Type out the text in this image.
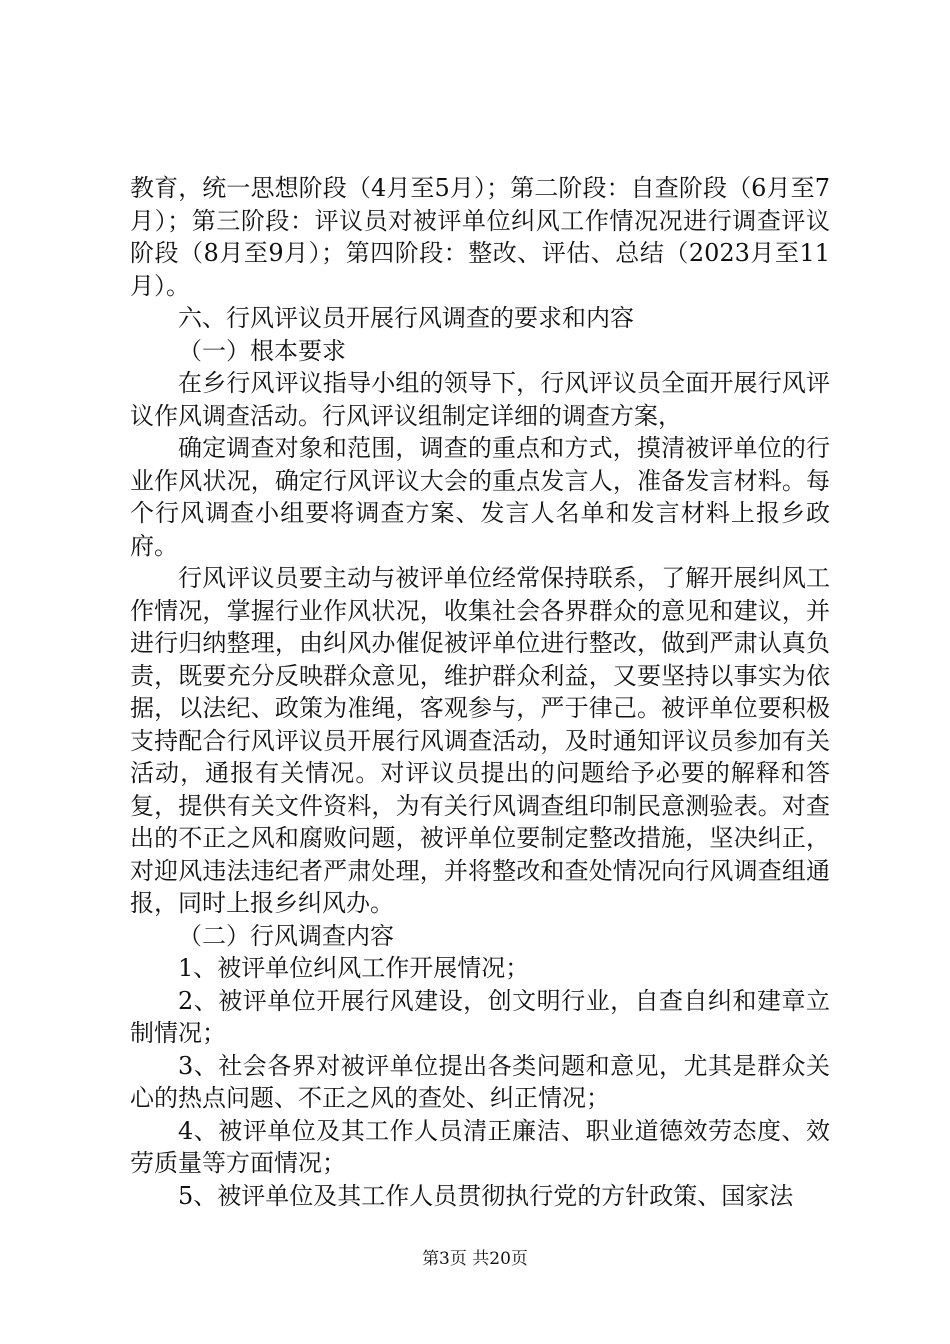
教育，统一思想阶段（4月至5月）；第二阶段：自查阶段（6月至7月）；第三阶段：评议员对被评单位纠风工作情况况进行调查评议阶段（8月至9月）；第四阶段：整改、评估、总结（2023月至11月）。

六、行风评议员开展行风调查的要求和内容

（一）根本要求

在乡行风评议指导小组的领导下，行风评议员全面开展行风评议作风调查活动。行风评议组制定详细的调查方案，

确定调查对象和范围，调查的重点和方式，摸清被评单位的行业作风状况，确定行风评议大会的重点发言人，准备发言材料。每个行风调查小组要将调查方案、发言人名单和发言材料上报乡政府。

行风评议员要主动与被评单位经常保持联系，了解开展纠风工作情况，掌握行业作风状况，收集社会各界群众的意见和建议，并进行归纳整理，由纠风办催促被评单位进行整改，做到严肃认真负责，既要充分反映群众意见，维护群众利益，又要坚持以事实为依据，以法纪、政策为准绳，客观参与，严于律己。被评单位要积极支持配合行风评议员开展行风调查活动，及时通知评议员参加有关活动，通报有关情况。对评议员提出的问题给予必要的解释和答复，提供有关文件资料，为有关行风调查组印制民意测验表。对查出的不正之风和腐败问题，被评单位要制定整改措施，坚决纠正，对迎风违法违纪者严肃处理，并将整改和查处情况向行风调查组通报，同时上报乡纠风办。

（二）行风调查内容

1、被评单位纠风工作开展情况；

2、被评单位开展行风建设，创文明行业，自查自纠和建章立制情况；

3、社会各界对被评单位提出各类问题和意见，尤其是群众关心的热点问题、不正之风的查处、纠正情况；

4、被评单位及其工作人员清正廉洁、职业道德效劳态度、效劳质量等方面情况；

5、被评单位及其工作人员贯彻执行党的方针政策、国家法

第3页 共20页
